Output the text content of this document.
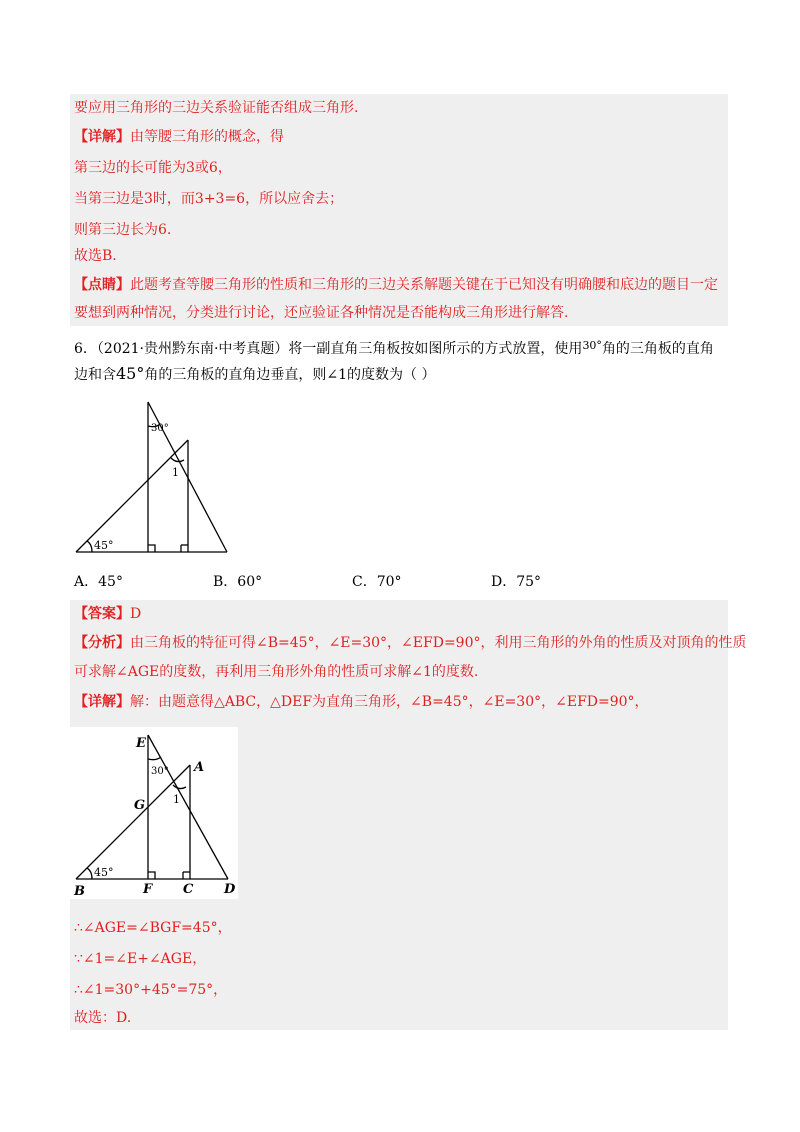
要应用三角形的三边关系验证能否组成三角形.
【详解】由等腰三角形的概念，得
第三边的长可能为3或6，
当第三边是3时，而3+3=6，所以应舍去；
则第三边长为6.
故选B.
【点睛】此题考查等腰三角形的性质和三角形的三边关系解题关键在于已知没有明确腰和底边的题目一定
要想到两种情况，分类进行讨论，还应验证各种情况是否能构成三角形进行解答.
6．（2021·贵州黔东南·中考真题）将一副直角三角板按如图所示的方式放置，使用$^{30^\circ}$角的三角板的直角
边和含45°角的三角板的直角边垂直，则∠1的度数为（ ）
30°
1
45°
A．45°	B．60°	C．70°	D．75°
【答案】D
【分析】由三角板的特征可得∠B=45°，∠E=30°，∠EFD=90°，利用三角形的外角的性质及对顶角的性质
可求解∠AGE的度数，再利用三角形外角的性质可求解∠1的度数.
【详解】解：由题意得△ABC，△DEF为直角三角形，∠B=45°，∠E=30°，∠EFD=90°，
E
A
G
B	F C D
30°
1
45°
∴∠AGE=∠BGF=45°，
∵∠1=∠E+∠AGE，
∴∠1=30°+45°=75°，
故选：D.
